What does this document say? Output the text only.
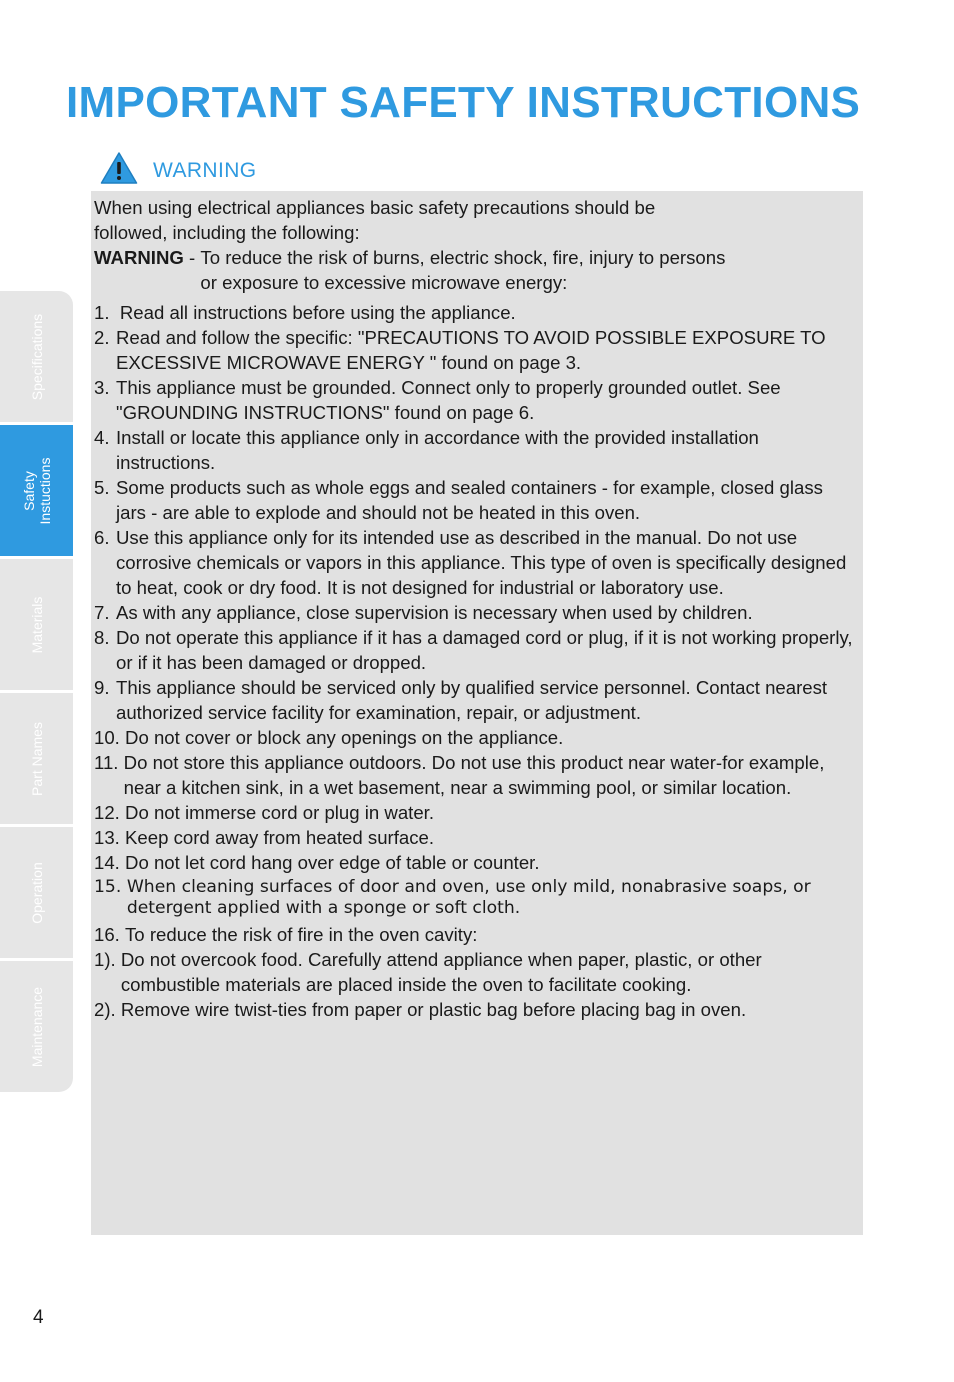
IMPORTANT SAFETY INSTRUCTIONS
WARNING

When using electrical appliances basic safety precautions should be

followed, including the following:

WARNING - To reduce the risk of burns, electric shock, fire, injury to persons
or exposure to excessive microwave energy:
1. Read all instructions before using the appliance.
2. Read and follow the specific: "PRECAUTIONS TO AVOID POSSIBLE EXPOSURE TO EXCESSIVE MICROWAVE ENERGY " found on page 3.
3. This appliance must be grounded. Connect only to properly grounded outlet. See "GROUNDING INSTRUCTIONS" found on page 6.
4. Install or locate this appliance only in accordance with the provided installation instructions.
5. Some products such as whole eggs and sealed containers - for example, closed glass jars - are able to explode and should not be heated in this oven.
6. Use this appliance only for its intended use as described in the manual. Do not use corrosive chemicals or vapors in this appliance. This type of oven is specifically designed to heat, cook or dry food. It is not designed for industrial or laboratory use.
7. As with any appliance, close supervision is necessary when used by children.
8. Do not operate this appliance if it has a damaged cord or plug, if it is not working properly, or if it has been damaged or dropped.
9. This appliance should be serviced only by qualified service personnel. Contact nearest authorized service facility for examination, repair, or adjustment.
10. Do not cover or block any openings on the appliance.
11. Do not store this appliance outdoors. Do not use this product near water-for example, near a kitchen sink, in a wet basement, near a swimming pool, or similar location.
12. Do not immerse cord or plug in water.
13. Keep cord away from heated surface.
14. Do not let cord hang over edge of table or counter.
15. When cleaning surfaces of door and oven, use only mild, nonabrasive soaps, or detergent applied with a sponge or soft cloth.
16. To reduce the risk of fire in the oven cavity:
1). Do not overcook food. Carefully attend appliance when paper, plastic, or other combustible materials are placed inside the oven to facilitate cooking.
2). Remove wire twist-ties from paper or plastic bag before placing bag in oven.
Specifications
Safety
Instuctions
Materials
Part Names
Operation
Maintenance
4
